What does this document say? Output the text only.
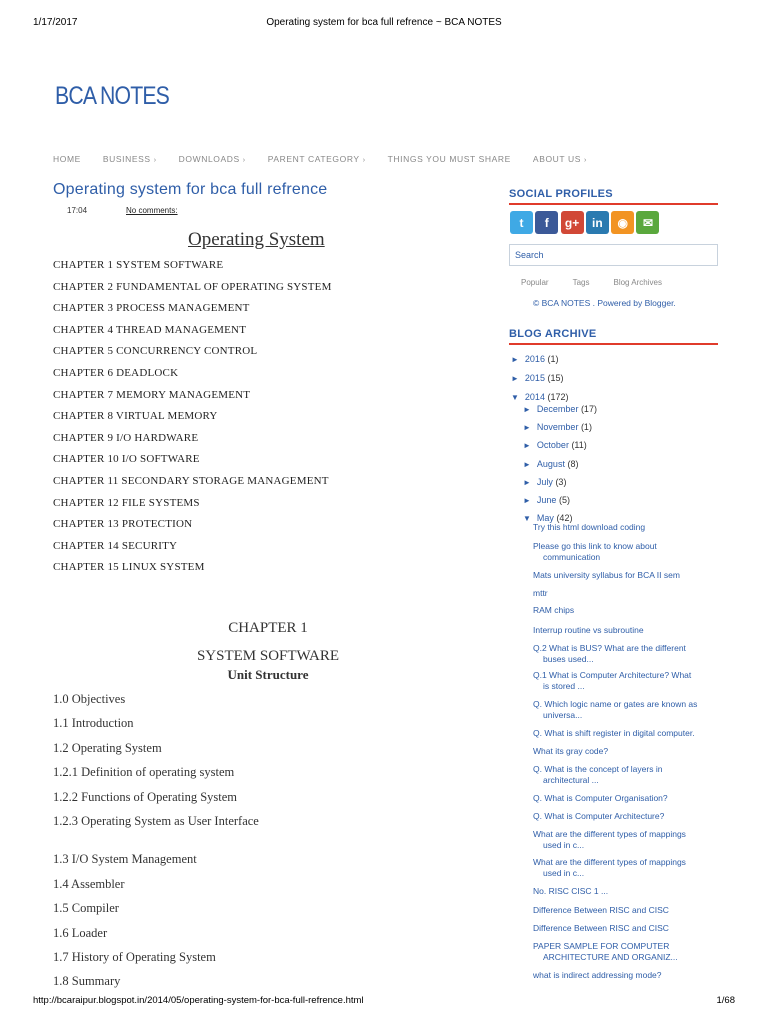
1/17/2017	Operating system for bca full refrence ~ BCA NOTES
BCA NOTES
HOME	BUSINESS ›	DOWNLOADS ›	PARENT CATEGORY ›	THINGS YOU MUST SHARE	ABOUT US ›
Operating system for bca full refrence
17:04	No comments:
Operating System
CHAPTER 1 SYSTEM SOFTWARE
CHAPTER 2 FUNDAMENTAL OF OPERATING SYSTEM
CHAPTER 3 PROCESS MANAGEMENT
CHAPTER 4 THREAD MANAGEMENT
CHAPTER 5 CONCURRENCY CONTROL
CHAPTER 6 DEADLOCK
CHAPTER 7 MEMORY MANAGEMENT
CHAPTER 8 VIRTUAL MEMORY
CHAPTER 9 I/O HARDWARE
CHAPTER 10 I/O SOFTWARE
CHAPTER 11 SECONDARY STORAGE MANAGEMENT
CHAPTER 12 FILE SYSTEMS
CHAPTER 13 PROTECTION
CHAPTER 14 SECURITY
CHAPTER 15 LINUX SYSTEM
CHAPTER 1
SYSTEM SOFTWARE
Unit Structure
1.0 Objectives
1.1 Introduction
1.2 Operating System
1.2.1 Definition of operating system
1.2.2 Functions of Operating System
1.2.3 Operating System as User Interface
1.3 I/O System Management
1.4 Assembler
1.5 Compiler
1.6 Loader
1.7 History of Operating System
1.8 Summary
SOCIAL PROFILES
t	f	g+	in	◉	✉
Search
Popular	Tags	Blog Archives
© BCA NOTES . Powered by Blogger.
BLOG ARCHIVE
► 2016 (1)
► 2015 (15)
▼ 2014 (172)
► December (17)
► November (1)
► October (11)
► August (8)
► July (3)
► June (5)
▼ May (42)
Try this html download coding
Please go this link to know about
communication
Mats university syllabus for BCA II sem
mttr
RAM chips
Interrup routine vs subroutine
Q.2 What is BUS? What are the different
buses used...
Q.1 What is Computer Architecture? What
is stored ...
Q. Which logic name or gates are known as
universa...
Q. What is shift register in digital computer.
What its gray code?
Q. What is the concept of layers in
architectural ...
Q. What is Computer Organisation?
Q. What is Computer Architecture?
What are the different types of mappings
used in c...
What are the different types of mappings
used in c...
No. RISC CISC 1 ...
Difference Between RISC and CISC
Difference Between RISC and CISC
PAPER SAMPLE FOR COMPUTER
ARCHITECTURE AND ORGANIZ...
what is indirect addressing mode?
http://bcaraipur.blogspot.in/2014/05/operating-system-for-bca-full-refrence.html	1/68
